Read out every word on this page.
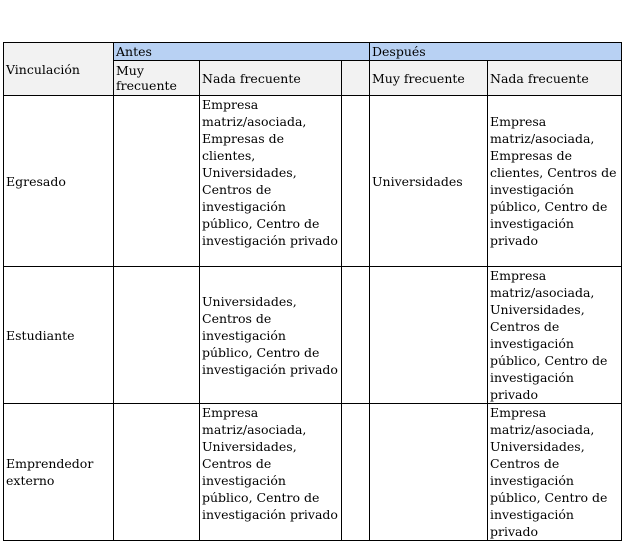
Vinculación	Antes			Después	
	Muy frecuente	Nada frecuente		Muy frecuente	Nada frecuente
Egresado		Empresa matriz/asociada, Empresas de clientes, Universidades, Centros de investigación público, Centro de investigación privado		Universidades	Empresa matriz/asociada, Empresas de clientes, Centros de investigación público, Centro de investigación privado
Estudiante		Universidades, Centros de investigación público, Centro de investigación privado			Empresa matriz/asociada, Universidades, Centros de investigación público, Centro de investigación privado
Emprendedor externo		Empresa matriz/asociada, Universidades, Centros de investigación público, Centro de investigación privado			Empresa matriz/asociada, Universidades, Centros de investigación público, Centro de investigación privado
